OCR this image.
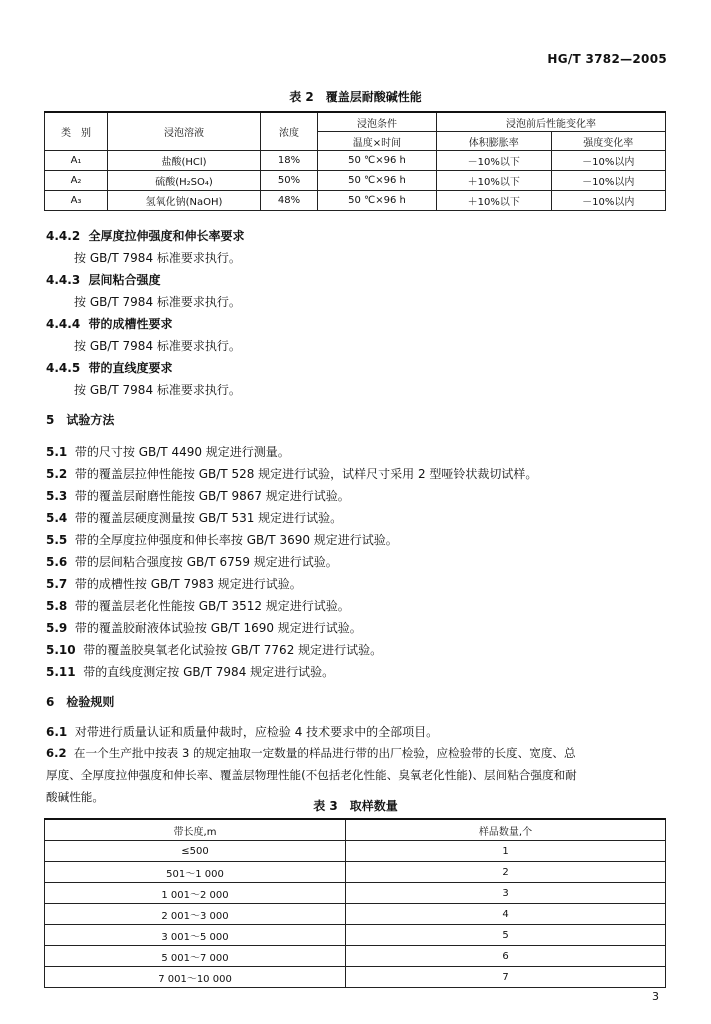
HG/T 3782—2005
表 2　覆盖层耐酸碱性能
类　别	浸泡溶液	浓度	浸泡条件	浸泡前后性能变化率	
			温度×时间	体积膨胀率	强度变化率
A₁	盐酸(HCl)	18%	50 ℃×96 h	－10%以下	－10%以内
A₂	硫酸(H₂SO₄)	50%	50 ℃×96 h	＋10%以下	－10%以内
A₃	氢氧化钠(NaOH)	48%	50 ℃×96 h	＋10%以下	－10%以内
4.4.2 全厚度拉伸强度和伸长率要求
按 GB/T 7984 标准要求执行。
4.4.3 层间粘合强度
按 GB/T 7984 标准要求执行。
4.4.4 带的成槽性要求
按 GB/T 7984 标准要求执行。
4.4.5 带的直线度要求
按 GB/T 7984 标准要求执行。
5　试验方法
5.1 带的尺寸按 GB/T 4490 规定进行测量。
5.2 带的覆盖层拉伸性能按 GB/T 528 规定进行试验，试样尺寸采用 2 型哑铃状裁切试样。
5.3 带的覆盖层耐磨性能按 GB/T 9867 规定进行试验。
5.4 带的覆盖层硬度测量按 GB/T 531 规定进行试验。
5.5 带的全厚度拉伸强度和伸长率按 GB/T 3690 规定进行试验。
5.6 带的层间粘合强度按 GB/T 6759 规定进行试验。
5.7 带的成槽性按 GB/T 7983 规定进行试验。
5.8 带的覆盖层老化性能按 GB/T 3512 规定进行试验。
5.9 带的覆盖胶耐液体试验按 GB/T 1690 规定进行试验。
5.10 带的覆盖胶臭氧老化试验按 GB/T 7762 规定进行试验。
5.11 带的直线度测定按 GB/T 7984 规定进行试验。
6　检验规则
6.1 对带进行质量认证和质量仲裁时，应检验 4 技术要求中的全部项目。
6.2 在一个生产批中按表 3 的规定抽取一定数量的样品进行带的出厂检验，应检验带的长度、宽度、总
厚度、全厚度拉伸强度和伸长率、覆盖层物理性能(不包括老化性能、臭氧老化性能)、层间粘合强度和耐
酸碱性能。
表 3　取样数量
带长度,m	样品数量,个
≤500	1
501～1 000	2
1 001～2 000	3
2 001～3 000	4
3 001～5 000	5
5 001～7 000	6
7 001～10 000	7
3
